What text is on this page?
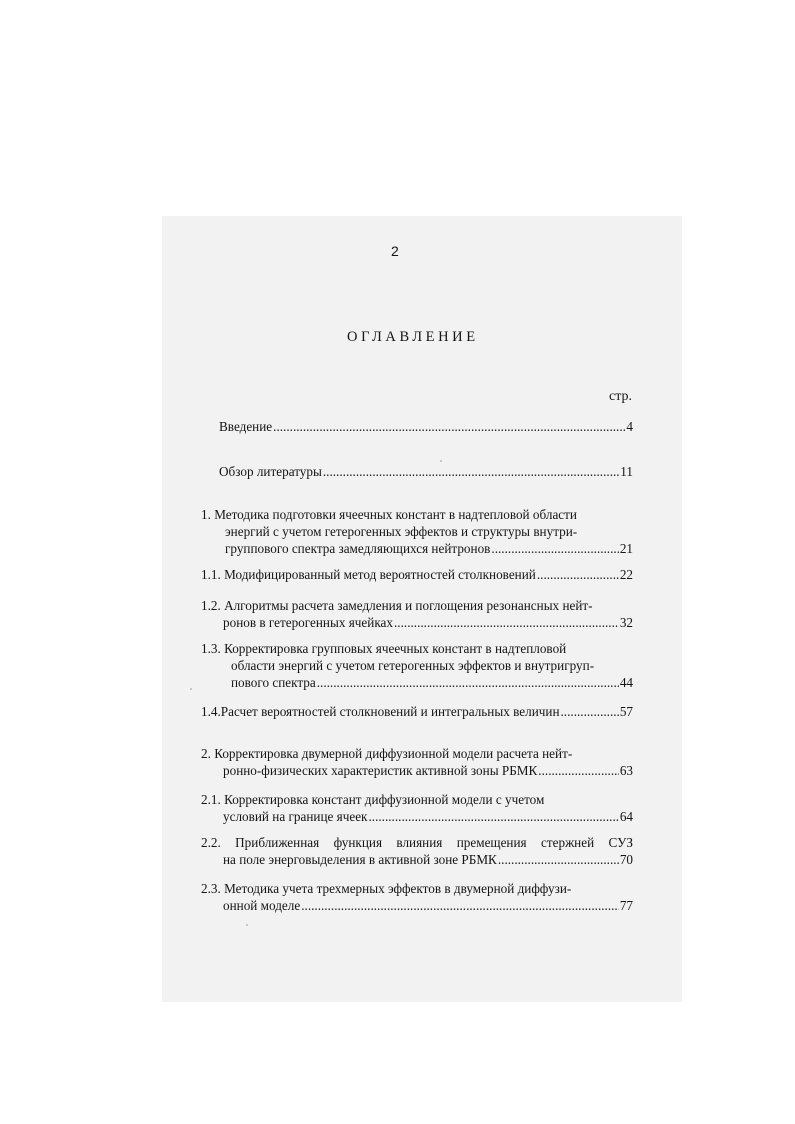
2
ОГЛАВЛЕНИЕ
стр.
Введение .....	4
Обзор литературы .....	11
1. Методика подготовки ячеечных констант в надтепловой области
энергий с учетом гетерогенных эффектов и структуры внутри-
группового спектра замедляющихся нейтронов .....	21
1.1. Модифицированный метод вероятностей столкновений .....	22
1.2. Алгоритмы расчета замедления и поглощения резонансных нейт-
ронов в гетерогенных ячейках .....	32
1.3. Корректировка групповых ячеечных констант в надтепловой
области энергий с учетом гетерогенных эффектов и внутригруп-
пового спектра .....	44
1.4.Расчет вероятностей столкновений и интегральных величин .....	57
2. Корректировка двумерной диффузионной модели расчета нейт-
ронно-физических характеристик активной зоны РБМК .....	63
2.1. Корректировка констант диффузионной модели с учетом
условий на границе ячеек .....	64
2.2. Приближенная функция влияния премещения стержней СУЗ
на поле энерговыделения в активной зоне РБМК .....	70
2.3. Методика учета трехмерных эффектов в двумерной диффузи-
онной моделе .....	77
